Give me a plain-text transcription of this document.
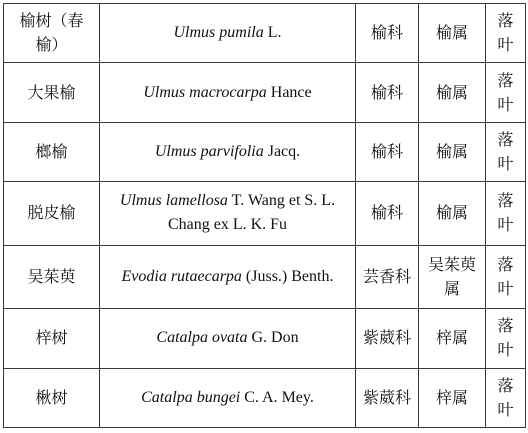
榆树（春榆）	Ulmus pumila L.	榆科	榆属	落叶
大果榆	Ulmus macrocarpa Hance	榆科	榆属	落叶
榔榆	Ulmus parvifolia Jacq.	榆科	榆属	落叶
脱皮榆	Ulmus lamellosa T. Wang et S. L. Chang ex L. K. Fu	榆科	榆属	落叶
吴茱萸	Evodia rutaecarpa (Juss.) Benth.	芸香科	吴茱萸属	落叶
梓树	Catalpa ovata G. Don	紫葳科	梓属	落叶
楸树	Catalpa bungei C. A. Mey.	紫葳科	梓属	落叶
